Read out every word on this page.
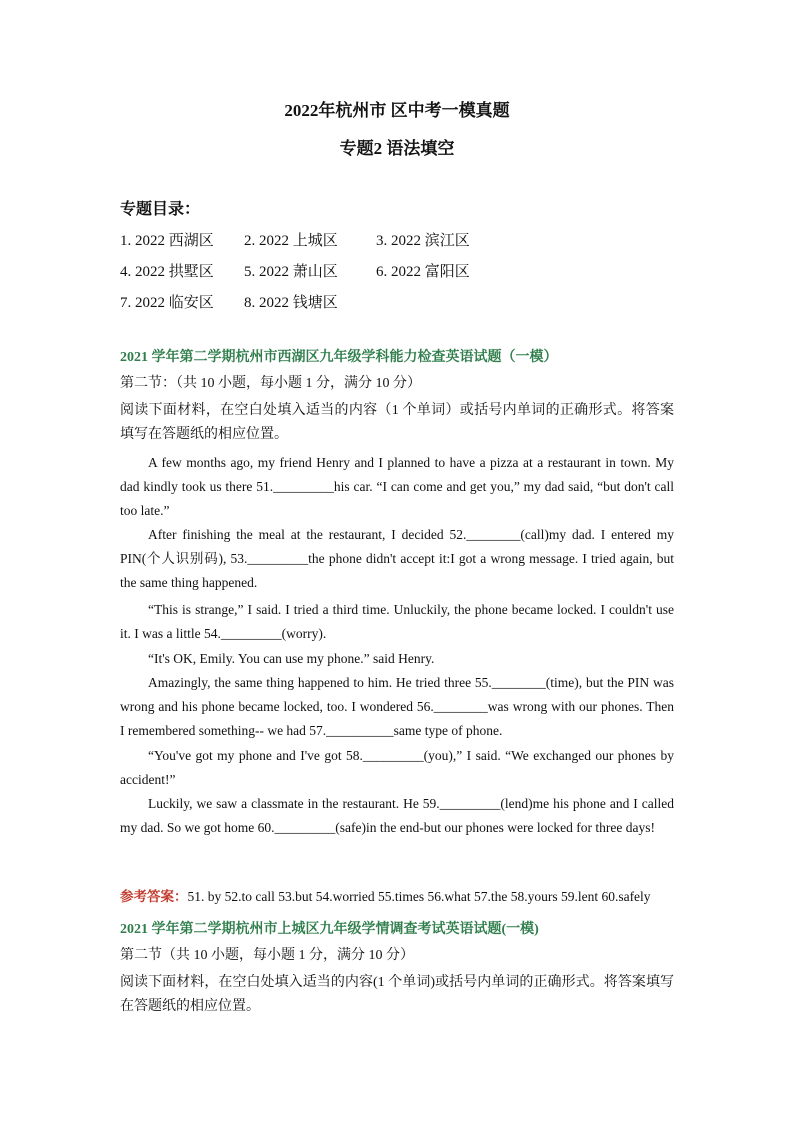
2022年杭州市 区中考一模真题
专题2 语法填空
专题目录：
1. 2022 西湖区 2. 2022 上城区	3. 2022 滨江区
4. 2022 拱墅区 5. 2022 萧山区	6. 2022 富阳区
7. 2022 临安区 8. 2022 钱塘区
2021 学年第二学期杭州市西湖区九年级学科能力检查英语试题（一模）
第二节：（共 10 小题，每小题 1 分，满分 10 分）
阅读下面材料，在空白处填入适当的内容（1 个单词）或括号内单词的正确形式。将答案填写在答题纸的相应位置。
A few months ago, my friend Henry and I planned to have a pizza at a restaurant in town. My dad kindly took us there 51._________his car. “I can come and get you,” my dad said, “but don't call too late.”
After finishing the meal at the restaurant, I decided 52.________(call)my dad. I entered my PIN(个人识别码), 53._________the phone didn't accept it:I got a wrong message. I tried again, but the same thing happened.
“This is strange,” I said. I tried a third time. Unluckily, the phone became locked. I couldn't use it. I was a little 54._________(worry).
“It's OK, Emily. You can use my phone.” said Henry.
Amazingly, the same thing happened to him. He tried three 55.________(time), but the PIN was wrong and his phone became locked, too. I wondered 56.________was wrong with our phones. Then I remembered something-- we had 57.__________same type of phone.
“You've got my phone and I've got 58._________(you),” I said. “We exchanged our phones by accident!”
Luckily, we saw a classmate in the restaurant. He 59._________(lend)me his phone and I called my dad. So we got home 60._________(safe)in the end-but our phones were locked for three days!
参考答案：51. by 52.to call 53.but 54.worried 55.times 56.what 57.the 58.yours 59.lent 60.safely
2021 学年第二学期杭州市上城区九年级学情调查考试英语试题(一模)
第二节（共 10 小题，每小题 1 分，满分 10 分）
阅读下面材料，在空白处填入适当的内容(1 个单词)或括号内单词的正确形式。将答案填写在答题纸的相应位置。
